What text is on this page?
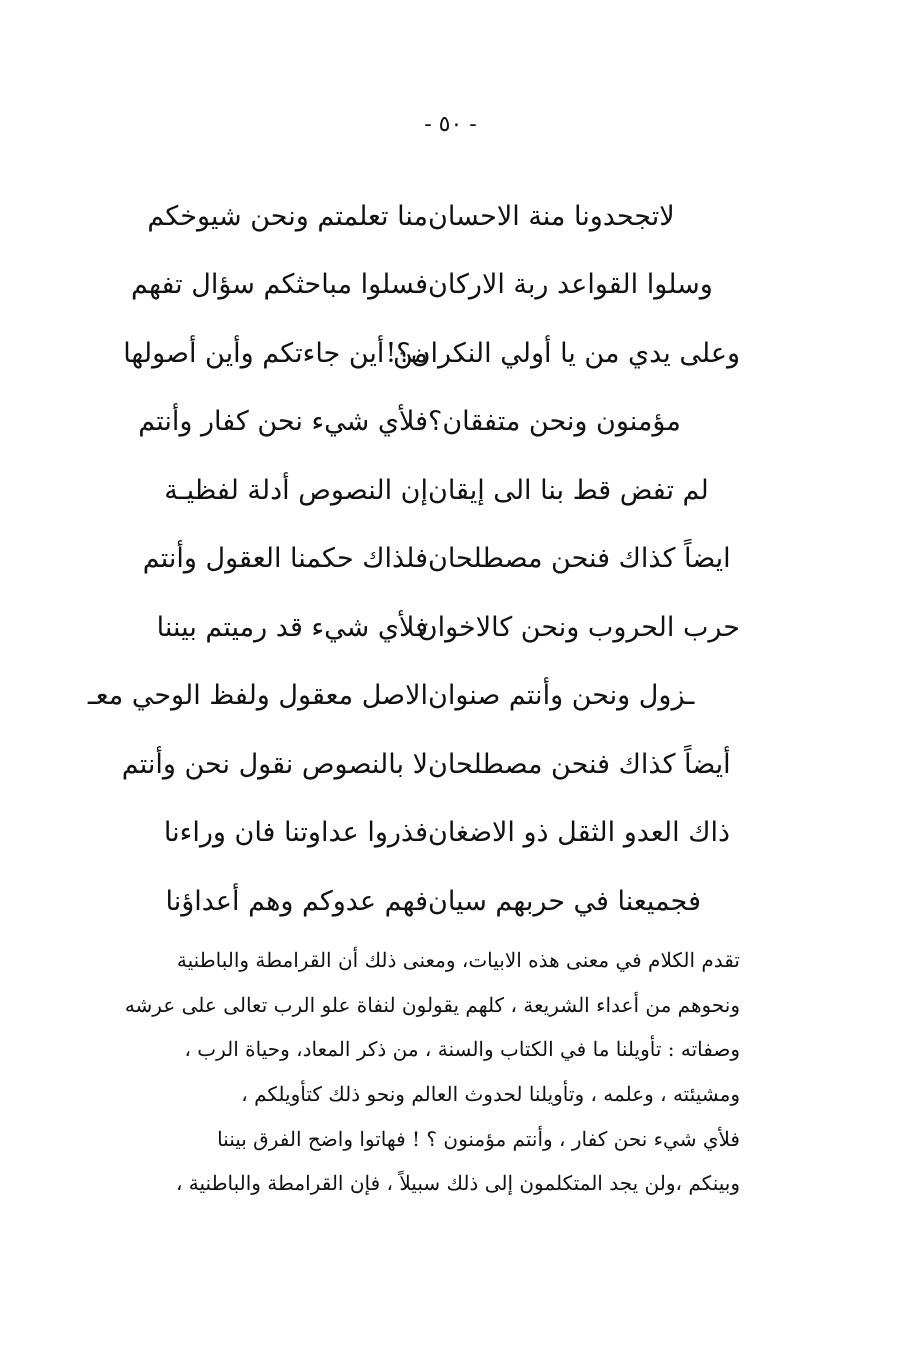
- ٥٠ -
منا تعلمتم ونحن شيوخكم لاتجحدونا منة الاحسان
فسلوا مباحثكم سؤال تفهم وسلوا القواعد ربة الاركان
من أين جاءتكم وأين أصولها
وعلى يدي من يا أولي النكران؟!
فلأي شيء نحن كفار وأنتم مؤمنون ونحن متفقان؟
إن النصوص أدلة لفظيـة لم تفض قط بنا الى إيقان
فلذاك حكمنا العقول وأنتم ايضاً كذاك فنحن مصطلحان
فلأي شيء قد رميتم بيننا
حرب الحروب ونحن كالاخوان
الاصل معقول ولفظ الوحي معـ ـزول ونحن وأنتم صنوان
لا بالنصوص نقول نحن وأنتم أيضاً كذاك فنحن مصطلحان
فذروا عداوتنا فان وراءنا ذاك العدو الثقل ذو الاضغان
فهم عدوكم وهم أعداؤنا فجميعنا في حربهم سيان
تقدم الكلام في معنى هذه الابيات، ومعنى ذلك أن القرامطة والباطنية
ونحوهم من أعداء الشريعة ، كلهم يقولون لنفاة علو الرب تعالى على عرشه
وصفاته : تأويلنا ما في الكتاب والسنة ، من ذكر المعاد، وحياة الرب ،
ومشيئته ، وعلمه ، وتأويلنا لحدوث العالم ونحو ذلك كتأويلكم ،
فلأي شيء نحن كفار ، وأنتم مؤمنون ؟ ! فهاتوا واضح الفرق بيننا
وبينكم ،ولن يجد المتكلمون إلى ذلك سبيلاً ، فإن القرامطة والباطنية ،
